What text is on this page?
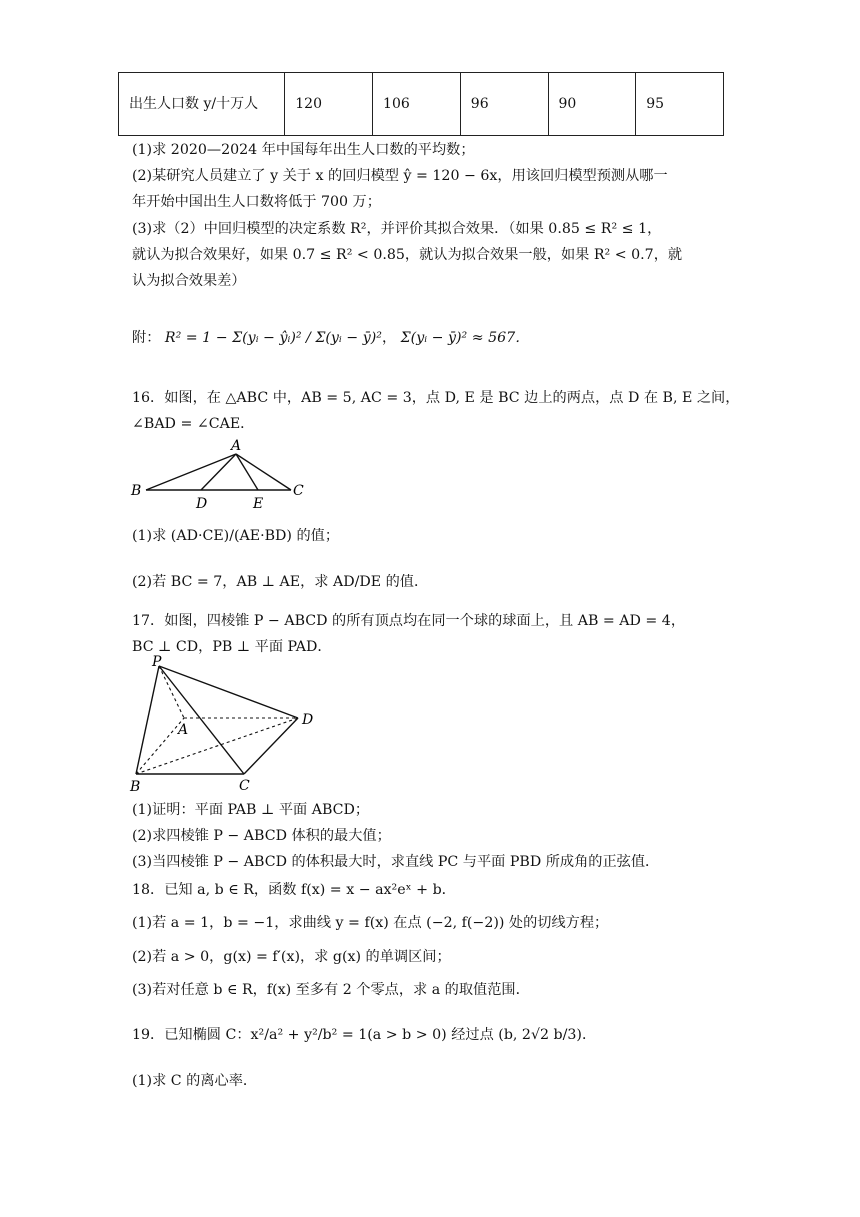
出生人口数 y/十万人	120	106	96	90	95
(1)求 2020—2024 年中国每年出生人口数的平均数；
(2)某研究人员建立了 y 关于 x 的回归模型 ŷ = 120 − 6x，用该回归模型预测从哪一
年开始中国出生人口数将低于 700 万；
(3)求（2）中回归模型的决定系数 R²，并评价其拟合效果．（如果 0.85 ≤ R² ≤ 1，
就认为拟合效果好，如果 0.7 ≤ R² < 0.85，就认为拟合效果一般，如果 R² < 0.7，就
认为拟合效果差）
附： R² = 1 − Σ(yᵢ − ŷᵢ)² / Σ(yᵢ − ȳ)²， Σ(yᵢ − ȳ)² ≈ 567．
16．如图，在 △ABC 中，AB = 5, AC = 3，点 D, E 是 BC 边上的两点，点 D 在 B, E 之间，
∠BAD = ∠CAE．
A
B
D	E
C
(1)求 (AD·CE)/(AE·BD) 的值；
(2)若 BC = 7，AB ⊥ AE，求 AD/DE 的值．
17．如图，四棱锥 P − ABCD 的所有顶点均在同一个球的球面上，且 AB = AD = 4，
BC ⊥ CD，PB ⊥ 平面 PAD．
P
A
D
B	C
(1)证明：平面 PAB ⊥ 平面 ABCD；
(2)求四棱锥 P − ABCD 体积的最大值；
(3)当四棱锥 P − ABCD 的体积最大时，求直线 PC 与平面 PBD 所成角的正弦值．
18．已知 a, b ∈ R，函数 f(x) = x − ax²eˣ + b．
(1)若 a = 1，b = −1，求曲线 y = f(x) 在点 (−2, f(−2)) 处的切线方程；
(2)若 a > 0，g(x) = f′(x)，求 g(x) 的单调区间；
(3)若对任意 b ∈ R，f(x) 至多有 2 个零点，求 a 的取值范围．
19．已知椭圆 C：x²/a² + y²/b² = 1(a > b > 0) 经过点 (b, 2√2 b/3)．
(1)求 C 的离心率．
